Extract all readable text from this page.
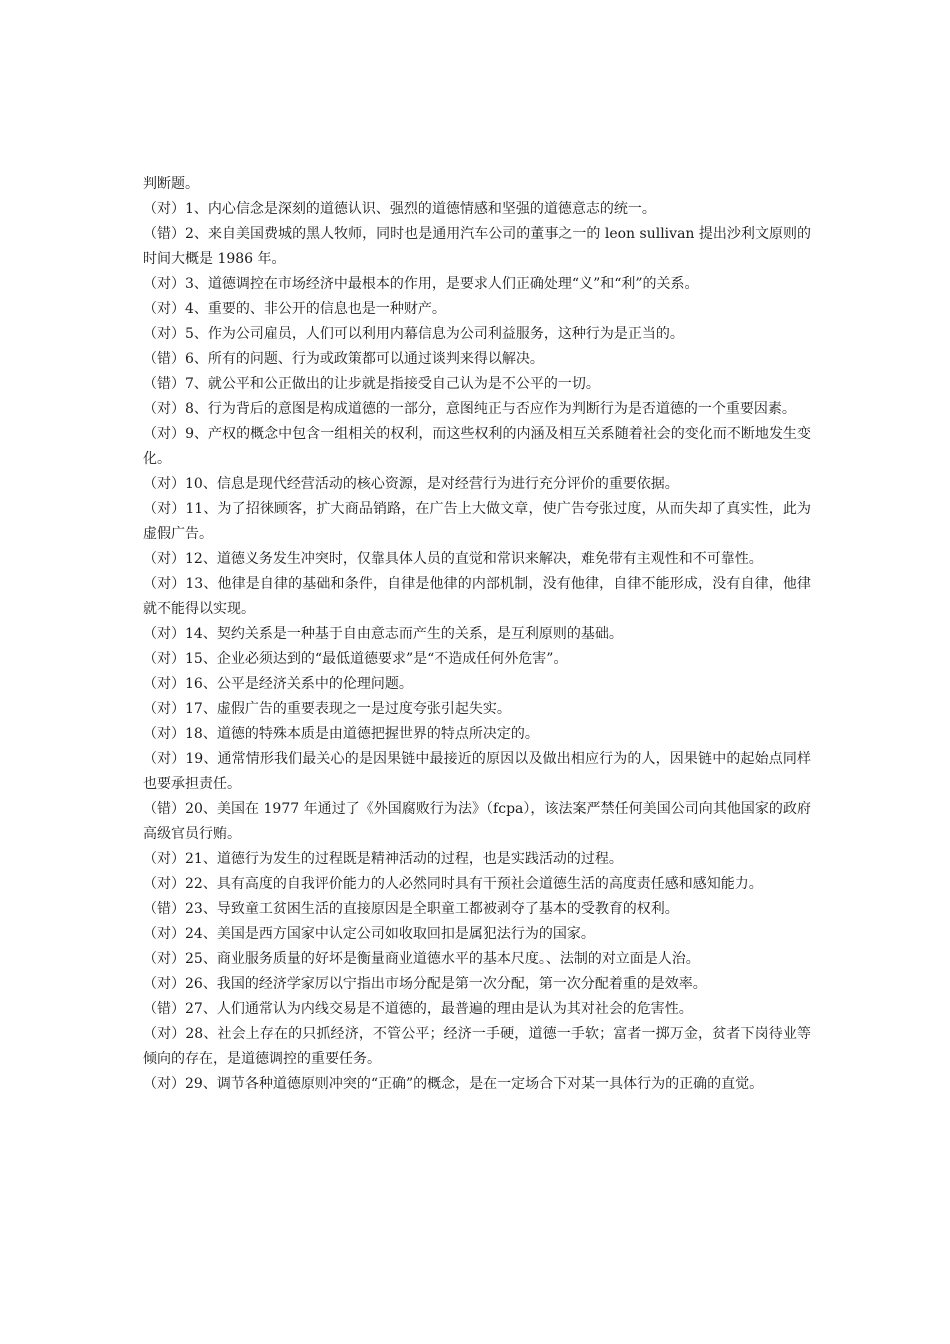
判断题。

（对）1、内心信念是深刻的道德认识、强烈的道德情感和坚强的道德意志的统一。

（错）2、来自美国费城的黑人牧师，同时也是通用汽车公司的董事之一的 leon sullivan 提出沙利文原则的时间大概是 1986 年。

（对）3、道德调控在市场经济中最根本的作用，是要求人们正确处理“义”和“利”的关系。

（对）4、重要的、非公开的信息也是一种财产。

（对）5、作为公司雇员，人们可以利用内幕信息为公司利益服务，这种行为是正当的。

（错）6、所有的问题、行为或政策都可以通过谈判来得以解决。

（错）7、就公平和公正做出的让步就是指接受自己认为是不公平的一切。

（对）8、行为背后的意图是构成道德的一部分，意图纯正与否应作为判断行为是否道德的一个重要因素。

（对）9、产权的概念中包含一组相关的权利，而这些权利的内涵及相互关系随着社会的变化而不断地发生变化。

（对）10、信息是现代经营活动的核心资源，是对经营行为进行充分评价的重要依据。

（对）11、为了招徕顾客，扩大商品销路，在广告上大做文章，使广告夸张过度，从而失却了真实性，此为虚假广告。

（对）12、道德义务发生冲突时，仅靠具体人员的直觉和常识来解决，难免带有主观性和不可靠性。

（对）13、他律是自律的基础和条件，自律是他律的内部机制，没有他律，自律不能形成，没有自律，他律就不能得以实现。

（对）14、契约关系是一种基于自由意志而产生的关系，是互利原则的基础。

（对）15、企业必须达到的“最低道德要求”是“不造成任何外危害”。

（对）16、公平是经济关系中的伦理问题。

（对）17、虚假广告的重要表现之一是过度夸张引起失实。

（对）18、道德的特殊本质是由道德把握世界的特点所决定的。

（对）19、通常情形我们最关心的是因果链中最接近的原因以及做出相应行为的人，因果链中的起始点同样也要承担责任。

（错）20、美国在 1977 年通过了《外国腐败行为法》（fcpa），该法案严禁任何美国公司向其他国家的政府高级官员行贿。

（对）21、道德行为发生的过程既是精神活动的过程，也是实践活动的过程。

（对）22、具有高度的自我评价能力的人必然同时具有干预社会道德生活的高度责任感和感知能力。

（错）23、导致童工贫困生活的直接原因是全职童工都被剥夺了基本的受教育的权利。

（对）24、美国是西方国家中认定公司如收取回扣是属犯法行为的国家。

（对）25、商业服务质量的好坏是衡量商业道德水平的基本尺度。、法制的对立面是人治。

（对）26、我国的经济学家厉以宁指出市场分配是第一次分配，第一次分配着重的是效率。

（错）27、人们通常认为内线交易是不道德的，最普遍的理由是认为其对社会的危害性。

（对）28、社会上存在的只抓经济，不管公平；经济一手硬，道德一手软；富者一掷万金，贫者下岗待业等倾向的存在，是道德调控的重要任务。

（对）29、调节各种道德原则冲突的“正确”的概念，是在一定场合下对某一具体行为的正确的直觉。
